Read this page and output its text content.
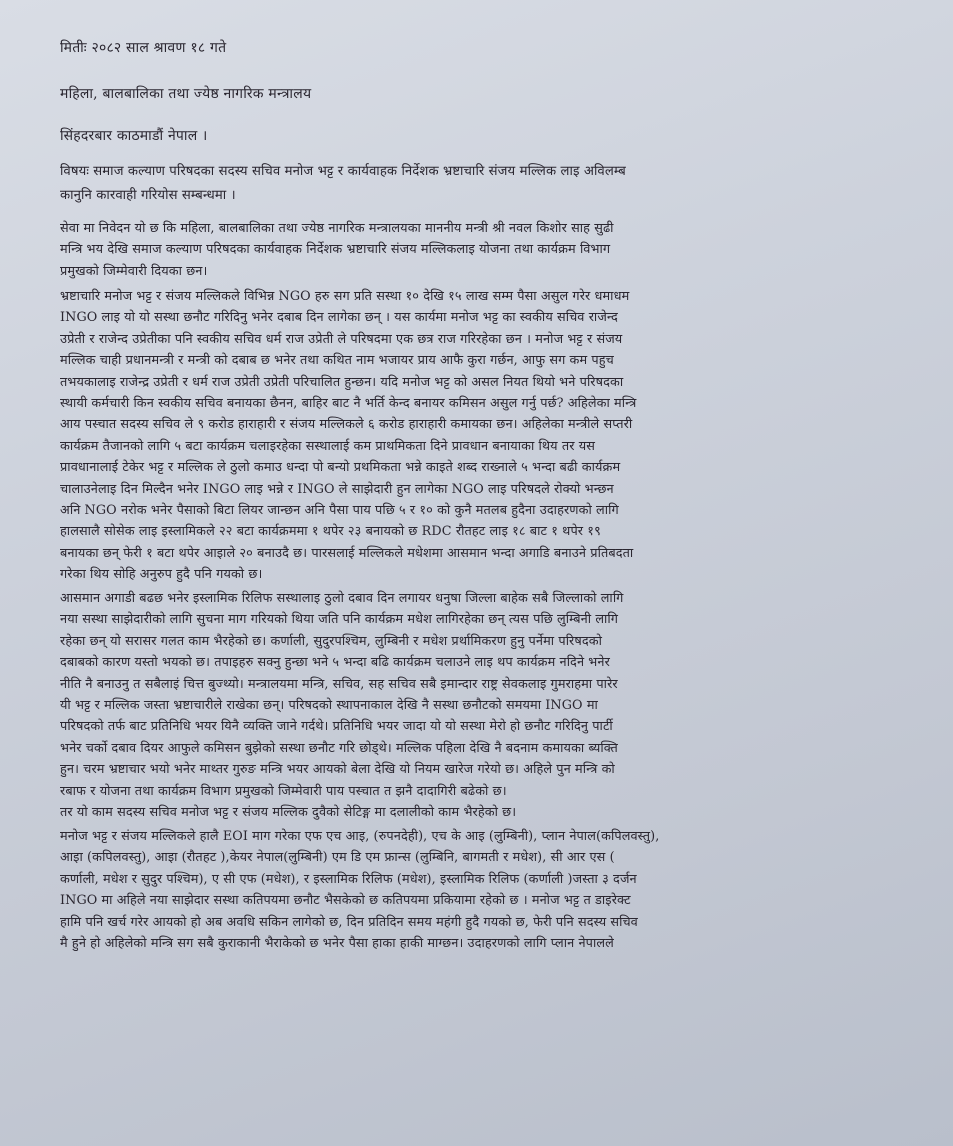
मितीः २०८२ साल श्रावण १८ गते
महिला, बालबालिका तथा ज्येष्ठ नागरिक मन्त्रालय
सिंहदरबार काठमाडौं नेपाल ।
विषयः समाज कल्याण परिषदका सदस्य सचिव मनोज भट्ट र कार्यवाहक निर्देशक भ्रष्टाचारि संजय मल्लिक लाइ अविलम्ब
कानुनि कारवाही गरियोस सम्बन्धमा ।
सेवा मा निवेदन यो छ कि महिला, बालबालिका तथा ज्येष्ठ नागरिक मन्त्रालयका माननीय मन्त्री श्री नवल किशोर साह सुढी
मन्त्रि भय देखि समाज कल्याण परिषदका कार्यवाहक निर्देशक भ्रष्टाचारि संजय मल्लिकलाइ योजना तथा कार्यक्रम विभाग
प्रमुखको जिम्मेवारी दियका छन।
भ्रष्टाचारि मनोज भट्ट र संजय मल्लिकले विभिन्न NGO हरु सग प्रति सस्था १० देखि १५ लाख सम्म पैसा असुल गरेर धमाधम
INGO लाइ यो यो सस्था छनौट गरिदिनु भनेर दबाब दिन लागेका छन् । यस कार्यमा मनोज भट्ट का स्वकीय सचिव राजेन्द
उप्रेती र राजेन्द उप्रेतीका पनि स्वकीय सचिव धर्म राज उप्रेती ले परिषदमा एक छत्र राज गरिरहेका छन । मनोज भट्ट र संजय
मल्लिक चाही प्रधानमन्त्री र मन्त्री को दबाब छ भनेर तथा कथित नाम भजायर प्राय आफै कुरा गर्छन, आफु सग कम पहुच
तभयकालाइ राजेन्द्र उप्रेती र धर्म राज उप्रेती उप्रेती परिचालित हुन्छन। यदि मनोज भट्ट को असल नियत थियो भने परिषदका
स्थायी कर्मचारी किन स्वकीय सचिव बनायका छैनन, बाहिर बाट नै भर्ति केन्द बनायर कमिसन असुल गर्नु पर्छ? अहिलेका मन्त्रि
आय पस्चात सदस्य सचिव ले ९ करोड हाराहारी र संजय मल्लिकले ६ करोड हाराहारी कमायका छन। अहिलेका मन्त्रीले सप्तरी
कार्यक्रम तैजानको लागि ५ बटा कार्यक्रम चलाइरहेका सस्थालाई कम प्राथमिकता दिने प्रावधान बनायाका थिय तर यस
प्रावधानालाई टेकेर भट्ट र मल्लिक ले ठुलो कमाउ धन्दा पो बन्यो प्रथमिकता भन्ने काइते शब्द राख्नाले ५ भन्दा बढी कार्यक्रम
चालाउनेलाइ दिन मिल्दैन भनेर INGO लाइ भन्ने र INGO ले साझेदारी हुन लागेका NGO लाइ परिषदले रोक्यो भन्छन
अनि NGO नरोक भनेर पैसाको बिटा लियर जान्छन अनि पैसा पाय पछि ५ र १० को कुनै मतलब हुदैना उदाहरणको लागि
हालसालै सोसेक लाइ इस्लामिकले २२ बटा कार्यक्रममा १ थपेर २३ बनायको छ RDC रौतहट लाइ १८ बाट १ थपेर १९
बनायका छन् फेरी १ बटा थपेर आइाले २० बनाउदै छ। पारसलाई मल्लिकले मधेशमा आसमान भन्दा अगाडि बनाउने प्रतिबदता
गरेका थिय सोहि अनुरुप हुदै पनि गयको छ।
आसमान अगाडी बढछ भनेर इस्लामिक रिलिफ सस्थालाइ ठुलो दबाव दिन लगायर धनुषा जिल्ला बाहेक सबै जिल्लाको लागि
नया सस्था साझेदारीको लागि सुचना माग गरियको थिया जति पनि कार्यक्रम मधेश लागिरहेका छन् त्यस पछि लुम्बिनी लागि
रहेका छन् यो सरासर गलत काम भैरहेको छ। कर्णाली, सुदुरपश्चिम, लुम्बिनी र मधेश प्रर्थामिकरण हुनु पर्नेमा परिषदको
दबाबको कारण यस्तो भयको छ। तपाइहरु सक्नु हुन्छा भने ५ भन्दा बढि कार्यक्रम चलाउने लाइ थप कार्यक्रम नदिने भनेर
नीति नै बनाउनु त सबैलाइं चित्त बुज्थ्यो। मन्त्रालयमा मन्त्रि, सचिव, सह सचिव सबै इमान्दार राष्ट्र सेवकलाइ गुमराहमा पारेर
यी भट्ट र मल्लिक जस्ता भ्रष्टाचारीले राखेका छन्। परिषदको स्थापनाकाल देखि नै सस्था छनौटको समयमा INGO मा
परिषदको तर्फ बाट प्रतिनिधि भयर यिनै व्यक्ति जाने गर्दथे। प्रतिनिधि भयर जादा यो यो सस्था मेरो हो छनौट गरिदिनु पार्टी
भनेर चर्को दबाव दियर आफुले कमिसन बुझेको सस्था छनौट गरि छोड्थे। मल्लिक पहिला देखि नै बदनाम कमायका ब्यक्ति
हुन। चरम भ्रष्टाचार भयो भनेर माथ्तर गुरुङ मन्त्रि भयर आयको बेला देखि यो नियम खारेज गरेयो छ। अहिले पुन मन्त्रि को
रबाफ र योजना तथा कार्यक्रम विभाग प्रमुखको जिम्मेवारी पाय पस्चात त झनै दादागिरी बढेको छ।
तर यो काम सदस्य सचिव मनोज भट्ट र संजय मल्लिक दुवैको सेटिङ्ग मा दलालीको काम भैरहेको छ।
मनोज भट्ट र संजय मल्लिकले हालै EOI माग गरेका एफ एच आइ, (रुपनदेही), एच के आइ (लुम्बिनी), प्लान नेपाल(कपिलवस्तु),
आइा (कपिलवस्तु), आइा (रौतहट ),केयर नेपाल(लुम्बिनी) एम डि एम फ्रान्स (लुम्बिनि, बागमती र मधेश), सी आर एस (
कर्णाली, मधेश र सुदुर पश्चिम), ए सी एफ (मधेश), र इस्लामिक रिलिफ (मधेश), इस्लामिक रिलिफ (कर्णाली )जस्ता ३ दर्जन
INGO मा अहिले नया साझेदार सस्था कतिपयमा छनौट भैसकेको छ कतिपयमा प्रकियामा रहेको छ । मनोज भट्ट त डाइरेक्ट
हामि पनि खर्च गरेर आयको हो अब अवधि सकिन लागेको छ, दिन प्रतिदिन समय महंगी हुदै गयको छ, फेरी पनि सदस्य सचिव
मै हुने हो अहिलेको मन्त्रि सग सबै कुराकानी भैराकेको छ भनेर पैसा हाका हाकी माग्छन। उदाहरणको लागि प्लान नेपालले
